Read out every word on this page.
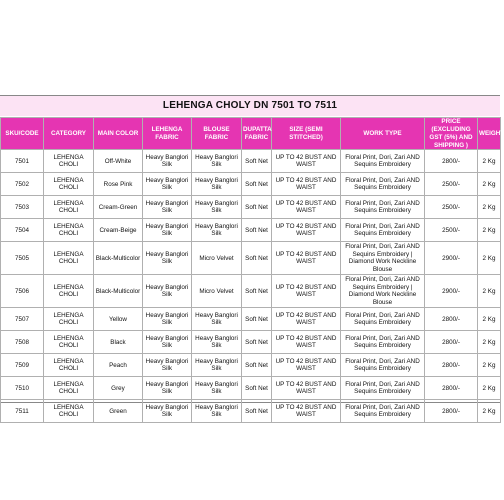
LEHENGA CHOLY DN 7501 TO 7511
SKU/CODE	CATEGORY	MAIN COLOR	LEHENGA FABRIC	BLOUSE FABRIC	DUPATTA FABRIC	SIZE (SEMI STITCHED)	WORK TYPE	PRICE (EXCLUDING GST (5%) AND SHIPPING )	WEIGHT
7501	LEHENGA CHOLI	Off-White	Heavy Banglori Silk	Heavy Banglori Silk	Soft Net	UP TO 42 BUST AND WAIST	Floral Print, Dori, Zari AND Sequins Embroidery	2800/-	2 Kg
7502	LEHENGA CHOLI	Rose Pink	Heavy Banglori Silk	Heavy Banglori Silk	Soft Net	UP TO 42 BUST AND WAIST	Floral Print, Dori, Zari AND Sequins Embroidery	2500/-	2 Kg
7503	LEHENGA CHOLI	Cream-Green	Heavy Banglori Silk	Heavy Banglori Silk	Soft Net	UP TO 42 BUST AND WAIST	Floral Print, Dori, Zari AND Sequins Embroidery	2500/-	2 Kg
7504	LEHENGA CHOLI	Cream-Beige	Heavy Banglori Silk	Heavy Banglori Silk	Soft Net	UP TO 42 BUST AND WAIST	Floral Print, Dori, Zari AND Sequins Embroidery	2500/-	2 Kg
7505	LEHENGA CHOLI	Black-Multicolor	Heavy Banglori Silk	Micro Velvet	Soft Net	UP TO 42 BUST AND WAIST	Floral Print, Dori, Zari AND Sequins Embroidery | Diamond Work Neckline Blouse	2900/-	2 Kg
7506	LEHENGA CHOLI	Black-Multicolor	Heavy Banglori Silk	Micro Velvet	Soft Net	UP TO 42 BUST AND WAIST	Floral Print, Dori, Zari AND Sequins Embroidery | Diamond Work Neckline Blouse	2900/-	2 Kg
7507	LEHENGA CHOLI	Yellow	Heavy Banglori Silk	Heavy Banglori Silk	Soft Net	UP TO 42 BUST AND WAIST	Floral Print, Dori, Zari AND Sequins Embroidery	2800/-	2 Kg
7508	LEHENGA CHOLI	Black	Heavy Banglori Silk	Heavy Banglori Silk	Soft Net	UP TO 42 BUST AND WAIST	Floral Print, Dori, Zari AND Sequins Embroidery	2800/-	2 Kg
7509	LEHENGA CHOLI	Peach	Heavy Banglori Silk	Heavy Banglori Silk	Soft Net	UP TO 42 BUST AND WAIST	Floral Print, Dori, Zari AND Sequins Embroidery	2800/-	2 Kg
7510	LEHENGA CHOLI	Grey	Heavy Banglori Silk	Heavy Banglori Silk	Soft Net	UP TO 42 BUST AND WAIST	Floral Print, Dori, Zari AND Sequins Embroidery	2800/-	2 Kg
7511	LEHENGA CHOLI	Green	Heavy Banglori Silk	Heavy Banglori Silk	Soft Net	UP TO 42 BUST AND WAIST	Floral Print, Dori, Zari AND Sequins Embroidery	2800/-	2 Kg
